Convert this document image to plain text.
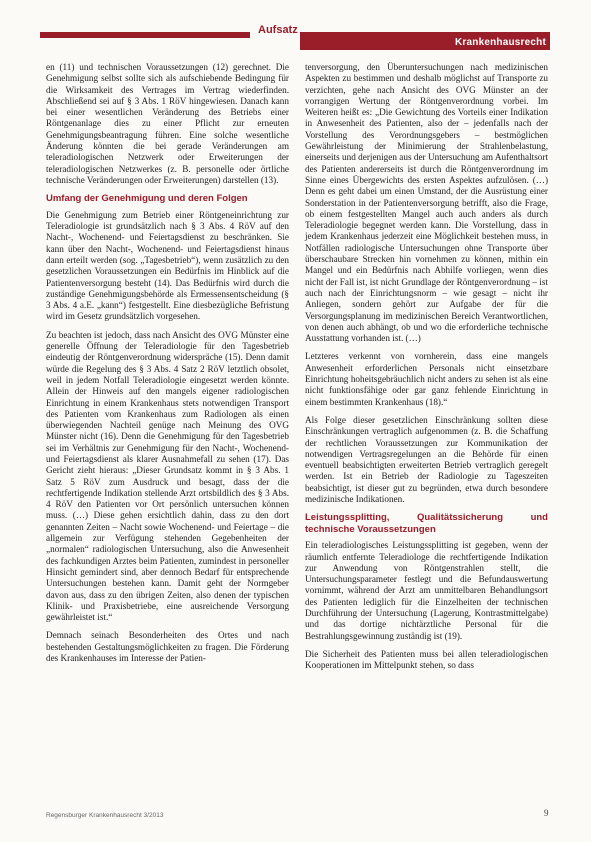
Aufsatz
Krankenhausrecht

en (11) und technischen Voraussetzungen (12) gerechnet. Die Genehmigung selbst sollte sich als aufschiebende Bedingung für die Wirksamkeit des Vertrages im Vertrag wiederfinden. Abschließend sei auf § 3 Abs. 1 RöV hingewiesen. Danach kann bei einer wesentlichen Veränderung des Betriebs einer Röntgenanlage dies zu einer Pflicht zur erneuten Genehmigungsbeantragung führen. Eine solche wesentliche Änderung könnten die bei gerade Veränderungen am teleradiologischen Netzwerk oder Erweiterungen der teleradiologischen Netzwerkes (z. B. personelle oder örtliche technische Veränderungen oder Erweiterungen) darstellen (13).

Umfang der Genehmigung und deren Folgen

Die Genehmigung zum Betrieb einer Röntgeneinrichtung zur Teleradiologie ist grundsätzlich nach § 3 Abs. 4 RöV auf den Nacht-, Wochenend- und Feiertagsdienst zu beschränken. Sie kann über den Nacht-, Wochenend- und Feiertagsdienst hinaus dann erteilt werden (sog. „Tagesbetrieb“), wenn zusätzlich zu den gesetzlichen Voraussetzungen ein Bedürfnis im Hinblick auf die Patientenversorgung besteht (14). Das Bedürfnis wird durch die zuständige Genehmigungsbehörde als Ermessensentscheidung (§ 3 Abs. 4 a.E. „kann“) festgestellt. Eine diesbezügliche Befristung wird im Gesetz grundsätzlich vorgesehen.

Zu beachten ist jedoch, dass nach Ansicht des OVG Münster eine generelle Öffnung der Teleradiologie für den Tagesbetrieb eindeutig der Röntgenverordnung widerspräche (15). Denn damit würde die Regelung des § 3 Abs. 4 Satz 2 RöV letztlich obsolet, weil in jedem Notfall Teleradiologie eingesetzt werden könnte. Allein der Hinweis auf den mangels eigener radiologischen Einrichtung in einem Krankenhaus stets notwendigen Transport des Patienten vom Krankenhaus zum Radiologen als einen überwiegenden Nachteil genüge nach Meinung des OVG Münster nicht (16). Denn die Genehmigung für den Tagesbetrieb sei im Verhältnis zur Genehmigung für den Nacht-, Wochenend- und Feiertagsdienst als klarer Ausnahmefall zu sehen (17). Das Gericht zieht hieraus: „Dieser Grundsatz kommt in § 3 Abs. 1 Satz 5 RöV zum Ausdruck und besagt, dass der die rechtfertigende Indikation stellende Arzt ortsbildlich des § 3 Abs. 4 RöV den Patienten vor Ort persönlich untersuchen können muss. (…) Diese gehen ersichtlich dahin, dass zu den dort genannten Zeiten – Nacht sowie Wochenend- und Feiertage – die allgemein zur Verfügung stehenden Gegebenheiten der „normalen“ radiologischen Untersuchung, also die Anwesenheit des fachkundigen Arztes beim Patienten, zumindest in personeller Hinsicht gemindert sind, aber dennoch Bedarf für entsprechende Untersuchungen bestehen kann. Damit geht der Normgeber davon aus, dass zu den übrigen Zeiten, also denen der typischen Klinik- und Praxisbetriebe, eine ausreichende Versorgung gewährleistet ist.“

Demnach seinach Besonderheiten des Ortes und nach bestehenden Gestaltungsmöglichkeiten zu fragen. Die Förderung des Krankenhauses im Interesse der Patien-

tenversorgung, den Überuntersuchungen nach medizinischen Aspekten zu bestimmen und deshalb möglichst auf Transporte zu verzichten, gehe nach Ansicht des OVG Münster an der vorrangigen Wertung der Röntgenverordnung vorbei. Im Weiteren heißt es: „Die Gewichtung des Vorteils einer Indikation in Anwesenheit des Patienten, also der – jedenfalls nach der Vorstellung des Verordnungsgebers – bestmöglichen Gewährleistung der Minimierung der Strahlenbelastung, einerseits und derjenigen aus der Untersuchung am Aufenthaltsort des Patienten andererseits ist durch die Röntgenverordnung im Sinne eines Übergewichts des ersten Aspektes aufzulösen. (…) Denn es geht dabei um einen Umstand, der die Ausrüstung einer Sonderstation in der Patientenversorgung betrifft, also die Frage, ob einem festgestellten Mangel auch auch anders als durch Teleradiologie begegnet werden kann. Die Vorstellung, dass in jedem Krankenhaus jederzeit eine Möglichkeit bestehen muss, in Notfällen radiologische Untersuchungen ohne Transporte über überschaubare Strecken hin vornehmen zu können, mithin ein Mangel und ein Bedürfnis nach Abhilfe vorliegen, wenn dies nicht der Fall ist, ist nicht Grundlage der Röntgenverordnung – ist auch nach der Einrichtungsnorm – wie gesagt – nicht ihr Anliegen, sondern gehört zur Aufgabe der für die Versorgungsplanung im medizinischen Bereich Verantwortlichen, von denen auch abhängt, ob und wo die erforderliche technische Ausstattung vorhanden ist. (…)

Letzteres verkennt von vornherein, dass eine mangels Anwesenheit erforderlichen Personals nicht einsetzbare Einrichtung hoheitsgebräuchlich nicht anders zu sehen ist als eine nicht funktionsfähige oder gar ganz fehlende Einrichtung in einem bestimmten Krankenhaus (18).“

Als Folge dieser gesetzlichen Einschränkung sollten diese Einschränkungen vertraglich aufgenommen (z. B. die Schaffung der rechtlichen Voraussetzungen zur Kommunikation der notwendigen Vertragsregelungen an die Behörde für einen eventuell beabsichtigten erweiterten Betrieb vertraglich geregelt werden. Ist ein Betrieb der Radiologie zu Tageszeiten beabsichtigt, ist dieser gut zu begründen, etwa durch besondere medizinische Indikationen.

Leistungssplitting, Qualitätssicherung und technische Voraussetzungen

Ein teleradiologisches Leistungssplitting ist gegeben, wenn der räumlich entfernte Teleradiologe die rechtfertigende Indikation zur Anwendung von Röntgenstrahlen stellt, die Untersuchungsparameter festlegt und die Befundauswertung vornimmt, während der Arzt am unmittelbaren Behandlungsort des Patienten lediglich für die Einzelheiten der technischen Durchführung der Untersuchung (Lagerung, Kontrastmittelgabe) und das dortige nichtärztliche Personal für die Bestrahlungsgewinnung zuständig ist (19).

Die Sicherheit des Patienten muss bei allen teleradiologischen Kooperationen im Mittelpunkt stehen, so dass

Regensburger Krankenhausrecht 3/2013	9
